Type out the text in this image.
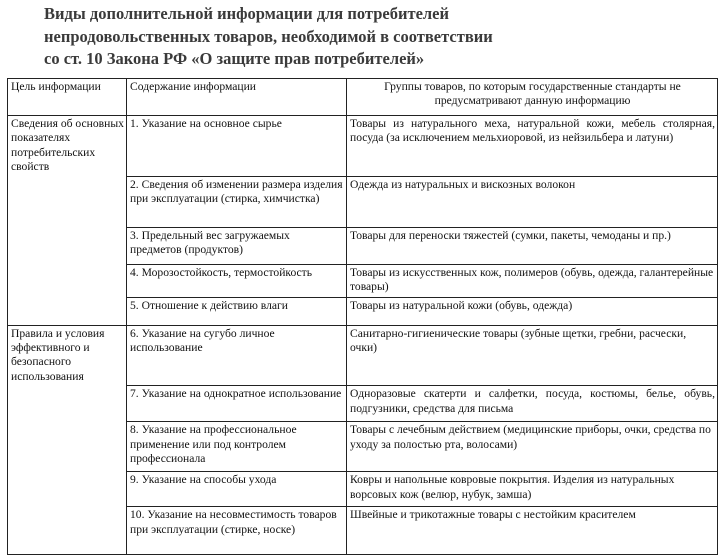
Виды дополнительной информации для потребителей
непродовольственных товаров, необходимой в соответствии
со ст. 10 Закона РФ «О защите прав потребителей»
Цель информации	Содержание информации	Группы товаров, по которым государственные стандарты не предусматривают данную информацию
Сведения об основных показателях потребительских свойств	1. Указание на основное сырье	Товары из натурального меха, натуральной кожи, мебель столярная, посуда (за исключением мельхиоровой, из нейзильбера и латуни)
	2. Сведения об изменении размера изделия при эксплуатации (стирка, химчистка)	Одежда из натуральных и вискозных волокон
	3. Предельный вес загружаемых предметов (продуктов)	Товары для переноски тяжестей (сумки, пакеты, чемоданы и пр.)
	4. Морозостойкость, термостойкость	Товары из искусственных кож, полимеров (обувь, одежда, галантерейные товары)
	5. Отношение к действию влаги	Товары из натуральной кожи (обувь, одежда)
Правила и условия эффективного и безопасного использования	6. Указание на сугубо личное использование	Санитарно-гигиенические товары (зубные щетки, гребни, расчески, очки)
	7. Указание на однократное использование	Одноразовые скатерти и салфетки, посуда, костюмы, белье, обувь, подгузники, средства для письма
	8. Указание на профессиональное применение или под контролем профессионала	Товары с лечебным действием (медицинские приборы, очки, средства по уходу за полостью рта, волосами)
	9. Указание на способы ухода	Ковры и напольные ковровые покрытия. Изделия из натуральных ворсовых кож (велюр, нубук, замша)
	10. Указание на несовместимость товаров при эксплуатации (стирке, носке)	Швейные и трикотажные товары с нестойким красителем
